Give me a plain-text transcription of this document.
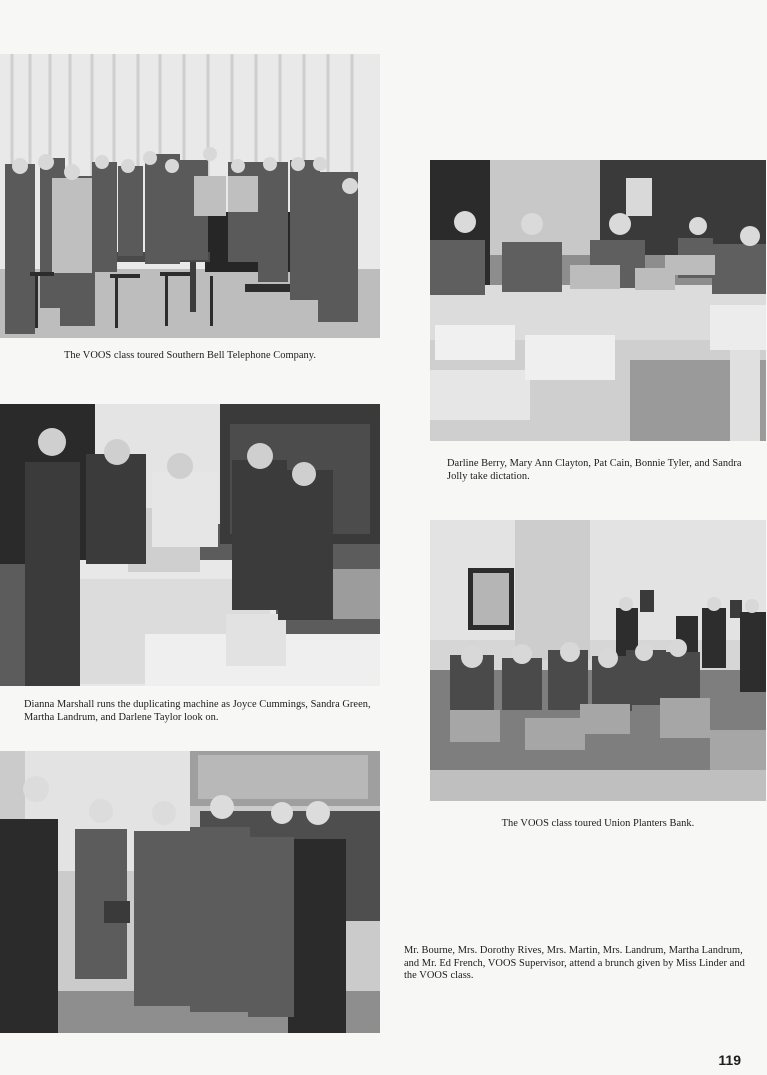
The VOOS class toured Southern Bell Telephone Company.

Darline Berry, Mary Ann Clayton, Pat Cain, Bonnie Tyler, and Sandra Jolly take dictation.

Dianna Marshall runs the duplicating machine as Joyce Cummings, Sandra Green, Martha Landrum, and Darlene Taylor look on.

The VOOS class toured Union Planters Bank.

Mr. Bourne, Mrs. Dorothy Rives, Mrs. Martin, Mrs. Landrum, Martha Landrum, and Mr. Ed French, VOOS Supervisor, attend a brunch given by Miss Linder and the VOOS class.

119
